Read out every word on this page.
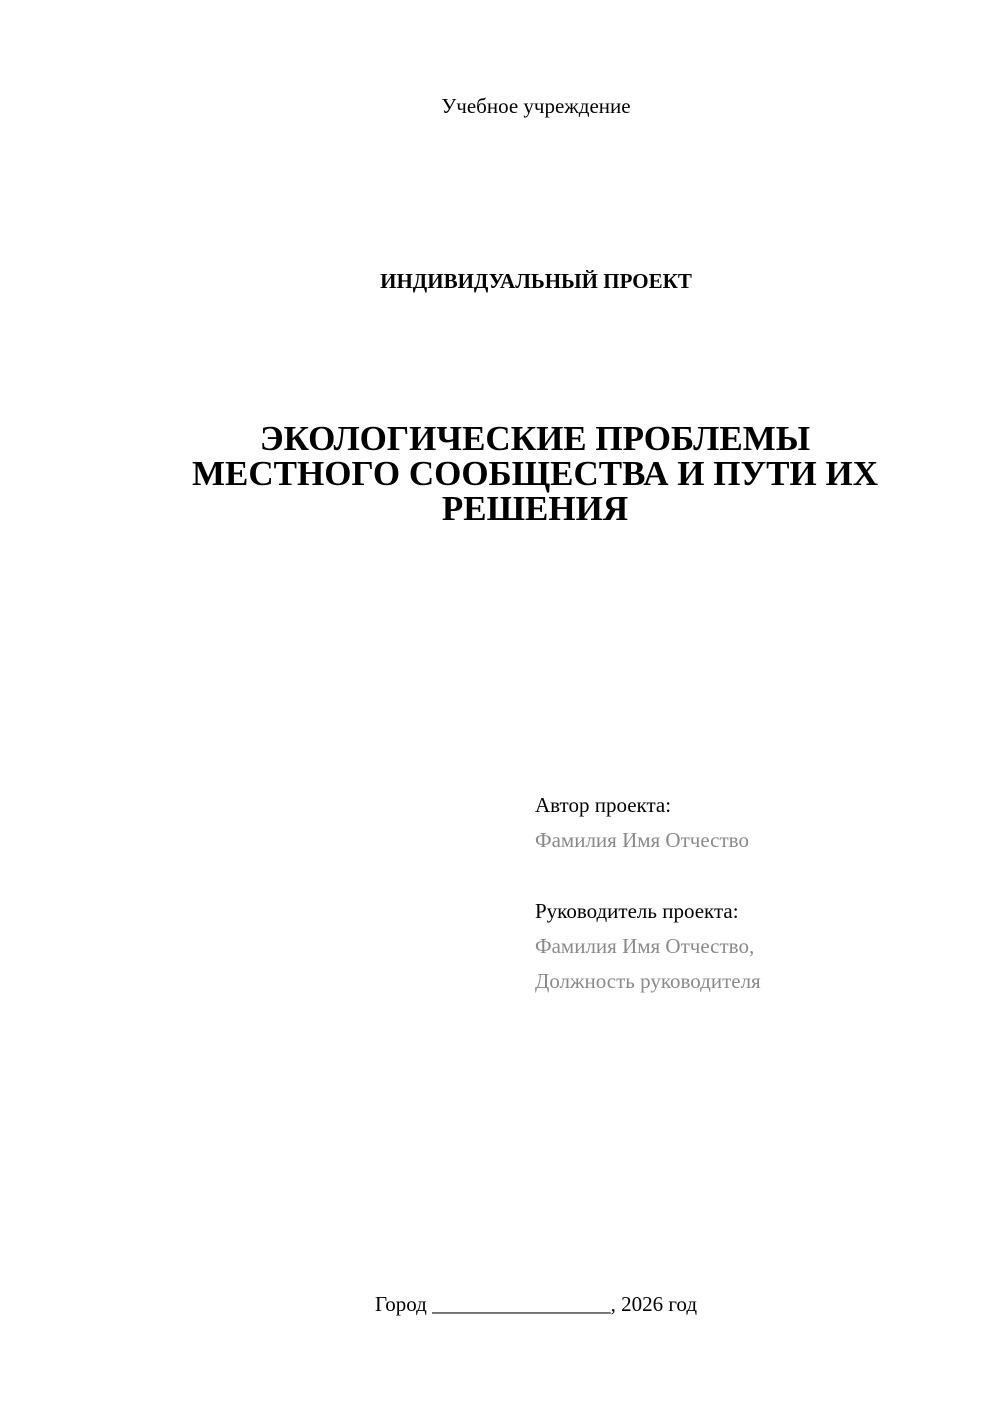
Учебное учреждение
ИНДИВИДУАЛЬНЫЙ ПРОЕКТ
ЭКОЛОГИЧЕСКИЕ ПРОБЛЕМЫ
МЕСТНОГО СООБЩЕСТВА И ПУТИ ИХ
РЕШЕНИЯ
Автор проекта:
Фамилия Имя Отчество
Руководитель проекта:
Фамилия Имя Отчество,
Должность руководителя
Город _________________, 2026 год
